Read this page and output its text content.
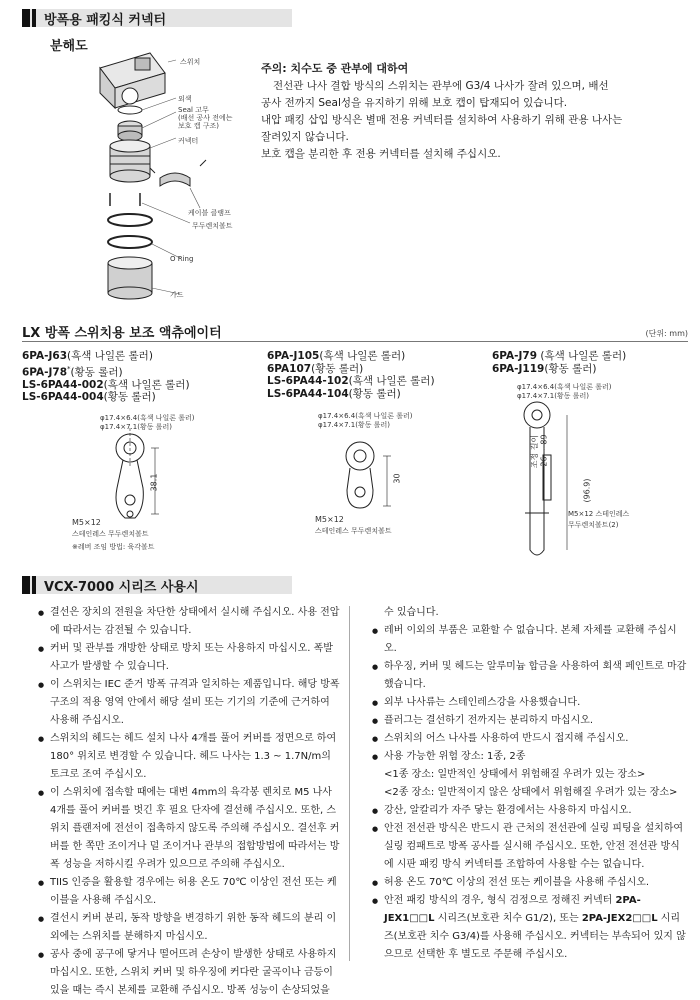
방폭용 패킹식 커넥터
분해도
스위치
외색
Seal 고무
(배선 공사 전에는
보호 캡 구조)
커넥터
케이블 클램프
무두렌치볼트
O Ring
가드
주의: 치수도 중 관부에 대하여

전선관 나사 결합 방식의 스위치는 관부에 G3/4 나사가 잘려 있으며, 배선

공사 전까지 Seal성을 유지하기 위해 보호 캡이 탑재되어 있습니다.

내압 패킹 삽입 방식은 별매 전용 커넥터를 설치하여 사용하기 위해 관용 나사는

잘려있지 않습니다.

보호 캡을 분리한 후 전용 커넥터를 설치해 주십시오.

LX 방폭 스위치용 보조 액츄에이터	(단위: mm)
6PA-J63(흑색 나일론 롤러)
6PA-J78*(황동 롤러)
LS-6PA44-002(흑색 나일론 롤러)
LS-6PA44-004(황동 롤러)
φ17.4×6.4(흑색 나일론 롤러)
φ17.4×7.1(황동 롤러)
38.1
M5×12
스테인레스 무두렌치볼트
※레버 조임 방법: 육각볼트
6PA-J105(흑색 나일론 롤러)
6PA107(황동 롤러)
LS-6PA44-102(흑색 나일론 롤러)
LS-6PA44-104(황동 롤러)
φ17.4×6.4(흑색 나일론 롤러)
φ17.4×7.1(황동 롤러)
30
M5×12
스테인레스 무두렌치볼트
6PA-J79 (흑색 나일론 롤러)
6PA-J119(황동 롤러)
φ17.4×6.4(흑색 나일론 롤러)
φ17.4×7.1(황동 롤러)
조정 길이 26 ~ 89
(96.9)
M5×12 스테인레스
무두렌치볼트(2)
VCX-7000 시리즈 사용시
● 결선은 장치의 전원을 차단한 상태에서 실시해 주십시오. 사용 전압에 따라서는 감전될 수 있습니다.
● 커버 및 관부를 개방한 상태로 방치 또는 사용하지 마십시오. 폭발 사고가 발생할 수 있습니다.
● 이 스위치는 IEC 준거 방폭 규격과 일치하는 제품입니다. 해당 방폭 구조의 적용 영역 안에서 해당 설비 또는 기기의 기준에 근거하여 사용해 주십시오.
● 스위치의 헤드는 헤드 설치 나사 4개를 풀어 커버를 정면으로 하여 180° 위치로 변경할 수 있습니다. 헤드 나사는 1.3 ~ 1.7N/m의 토크로 조여 주십시오.
● 이 스위치에 접속할 때에는 대변 4mm의 육각봉 렌치로 M5 나사 4개를 풀어 커버를 벗긴 후 필요 단자에 결선해 주십시오. 또한, 스위치 플랜저에 전선이 접촉하지 않도록 주의해 주십시오. 결선후 커버를 한 쪽만 조이거나 덜 조이거나 관부의 접합방법에 따라서는 방폭 성능을 저하시킬 우려가 있으므로 주의해 주십시오.
● TIIS 인증을 활용할 경우에는 허용 온도 70℃ 이상인 전선 또는 케이블을 사용해 주십시오.
● 결선시 커버 분리, 동작 방향을 변경하기 위한 동작 헤드의 분리 이외에는 스위치를 분해하지 마십시오.
● 공사 중에 공구에 닿거나 떨어뜨려 손상이 발생한 상태로 사용하지 마십시오. 또한, 스위치 커버 및 하우징에 커다란 굴곡이나 금등이 있을 때는 즉시 본체를 교환해 주십시오. 방폭 성능이 손상되었을
수 있습니다.
● 레버 이외의 부품은 교환할 수 없습니다. 본체 자체를 교환해 주십시오.
● 하우징, 커버 및 헤드는 알루미늄 합금을 사용하여 회색 페인트로 마감했습니다.
● 외부 나사류는 스테인레스강을 사용했습니다.
● 플러그는 결선하기 전까지는 분리하지 마십시오.
● 스위치의 어스 나사를 사용하여 반드시 접지해 주십시오.
● 사용 가능한 위험 장소: 1종, 2종
<1종 장소: 일반적인 상태에서 위험해질 우려가 있는 장소>
<2종 장소: 일반적이지 않은 상태에서 위험해질 우려가 있는 장소>
● 강산, 알칼리가 자주 닿는 환경에서는 사용하지 마십시오.
● 안전 전선관 방식은 반드시 관 근처의 전선관에 실링 피팅을 설치하여 실링 컴패트로 방폭 공사를 실시해 주십시오. 또한, 안전 전선관 방식에 시판 패킹 방식 커넥터를 조합하여 사용할 수는 없습니다.
● 허용 온도 70℃ 이상의 전선 또는 케이블을 사용해 주십시오.
● 안전 패킹 방식의 경우, 형식 검정으로 정해진 커넥터 2PA-JEX1□□L 시리즈(보호관 치수 G1/2), 또는 2PA-JEX2□□L 시리즈(보호관 치수 G3/4)를 사용해 주십시오. 커넥터는 부속되어 있지 않으므로 선택한 후 별도로 주문해 주십시오.
